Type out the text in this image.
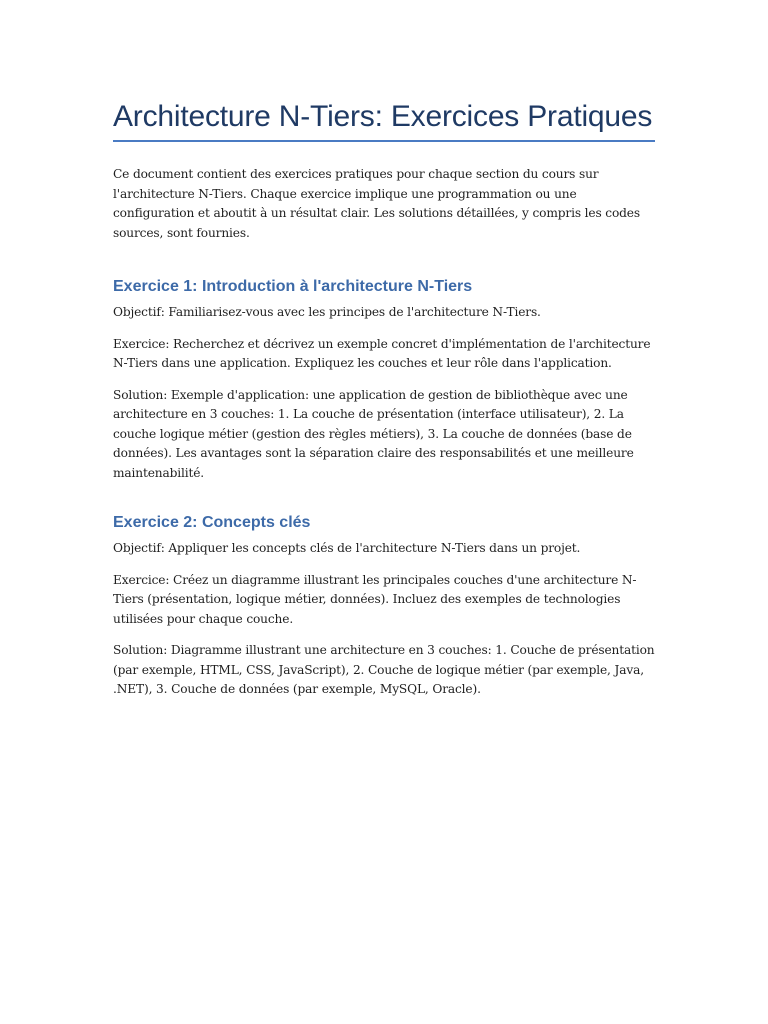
Architecture N-Tiers: Exercices Pratiques

Ce document contient des exercices pratiques pour chaque section du cours sur l'architecture N-Tiers. Chaque exercice implique une programmation ou une configuration et aboutit à un résultat clair. Les solutions détaillées, y compris les codes sources, sont fournies.

Exercice 1: Introduction à l'architecture N-Tiers

Objectif: Familiarisez-vous avec les principes de l'architecture N-Tiers.

Exercice: Recherchez et décrivez un exemple concret d'implémentation de l'architecture N-Tiers dans une application. Expliquez les couches et leur rôle dans l'application.

Solution: Exemple d'application: une application de gestion de bibliothèque avec une architecture en 3 couches: 1. La couche de présentation (interface utilisateur), 2. La couche logique métier (gestion des règles métiers), 3. La couche de données (base de données). Les avantages sont la séparation claire des responsabilités et une meilleure maintenabilité.

Exercice 2: Concepts clés

Objectif: Appliquer les concepts clés de l'architecture N-Tiers dans un projet.

Exercice: Créez un diagramme illustrant les principales couches d'une architecture N-Tiers (présentation, logique métier, données). Incluez des exemples de technologies utilisées pour chaque couche.

Solution: Diagramme illustrant une architecture en 3 couches: 1. Couche de présentation (par exemple, HTML, CSS, JavaScript), 2. Couche de logique métier (par exemple, Java, .NET), 3. Couche de données (par exemple, MySQL, Oracle).
